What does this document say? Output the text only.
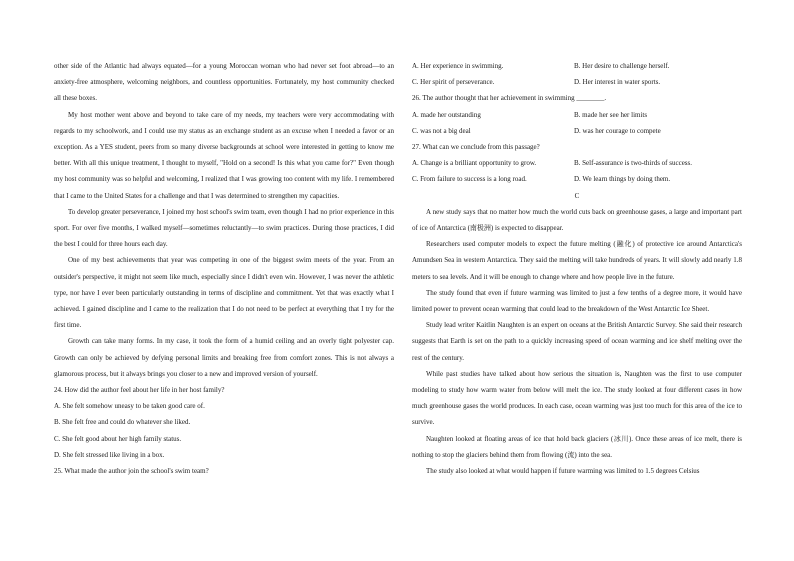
other side of the Atlantic had always equated—for a young Moroccan woman who had never set foot abroad—to an anxiety-free atmosphere, welcoming neighbors, and countless opportunities. Fortunately, my host community checked all these boxes.

My host mother went above and beyond to take care of my needs, my teachers were very accommodating with regards to my schoolwork, and I could use my status as an exchange student as an excuse when I needed a favor or an exception. As a YES student, peers from so many diverse backgrounds at school were interested in getting to know me better. With all this unique treatment, I thought to myself, "Hold on a second! Is this what you came for?" Even though my host community was so helpful and welcoming, I realized that I was growing too content with my life. I remembered that I came to the United States for a challenge and that I was determined to strengthen my capacities.

To develop greater perseverance, I joined my host school's swim team, even though I had no prior experience in this sport. For over five months, I walked myself—sometimes reluctantly—to swim practices. During those practices, I did the best I could for three hours each day.

One of my best achievements that year was competing in one of the biggest swim meets of the year. From an outsider's perspective, it might not seem like much, especially since I didn't even win. However, I was never the athletic type, nor have I ever been particularly outstanding in terms of discipline and commitment. Yet that was exactly what I achieved. I gained discipline and I came to the realization that I do not need to be perfect at everything that I try for the first time.

Growth can take many forms. In my case, it took the form of a humid ceiling and an overly tight polyester cap. Growth can only be achieved by defying personal limits and breaking free from comfort zones. This is not always a glamorous process, but it always brings you closer to a new and improved version of yourself.

24. How did the author feel about her life in her host family?

A. She felt somehow uneasy to be taken good care of.

B. She felt free and could do whatever she liked.

C. She felt good about her high family status.

D. She felt stressed like living in a box.

25. What made the author join the school's swim team?

A. Her experience in swimming.	B. Her desire to challenge herself.

C. Her spirit of perseverance.	D. Her interest in water sports.

26. The author thought that her achievement in swimming ________.

A. made her outstanding	B. made her see her limits

C. was not a big deal	D. was her courage to compete

27. What can we conclude from this passage?

A. Change is a brilliant opportunity to grow.	B. Self-assurance is two-thirds of success.

C. From failure to success is a long road.	D. We learn things by doing them.

C

A new study says that no matter how much the world cuts back on greenhouse gases, a large and important part of ice of Antarctica (南极洲) is expected to disappear.

Researchers used computer models to expect the future melting (融化) of protective ice around Antarctica's Amundsen Sea in western Antarctica. They said the melting will take hundreds of years. It will slowly add nearly 1.8 meters to sea levels. And it will be enough to change where and how people live in the future.

The study found that even if future warming was limited to just a few tenths of a degree more, it would have limited power to prevent ocean warming that could lead to the breakdown of the West Antarctic Ice Sheet.

Study lead writer Kaitlin Naughten is an expert on oceans at the British Antarctic Survey. She said their research suggests that Earth is set on the path to a quickly increasing speed of ocean warming and ice shelf melting over the rest of the century.

While past studies have talked about how serious the situation is, Naughten was the first to use computer modeling to study how warm water from below will melt the ice. The study looked at four different cases in how much greenhouse gases the world produces. In each case, ocean warming was just too much for this area of the ice to survive.

Naughten looked at floating areas of ice that hold back glaciers (冰川). Once these areas of ice melt, there is nothing to stop the glaciers behind them from flowing (流) into the sea.

The study also looked at what would happen if future warming was limited to 1.5 degrees Celsius
